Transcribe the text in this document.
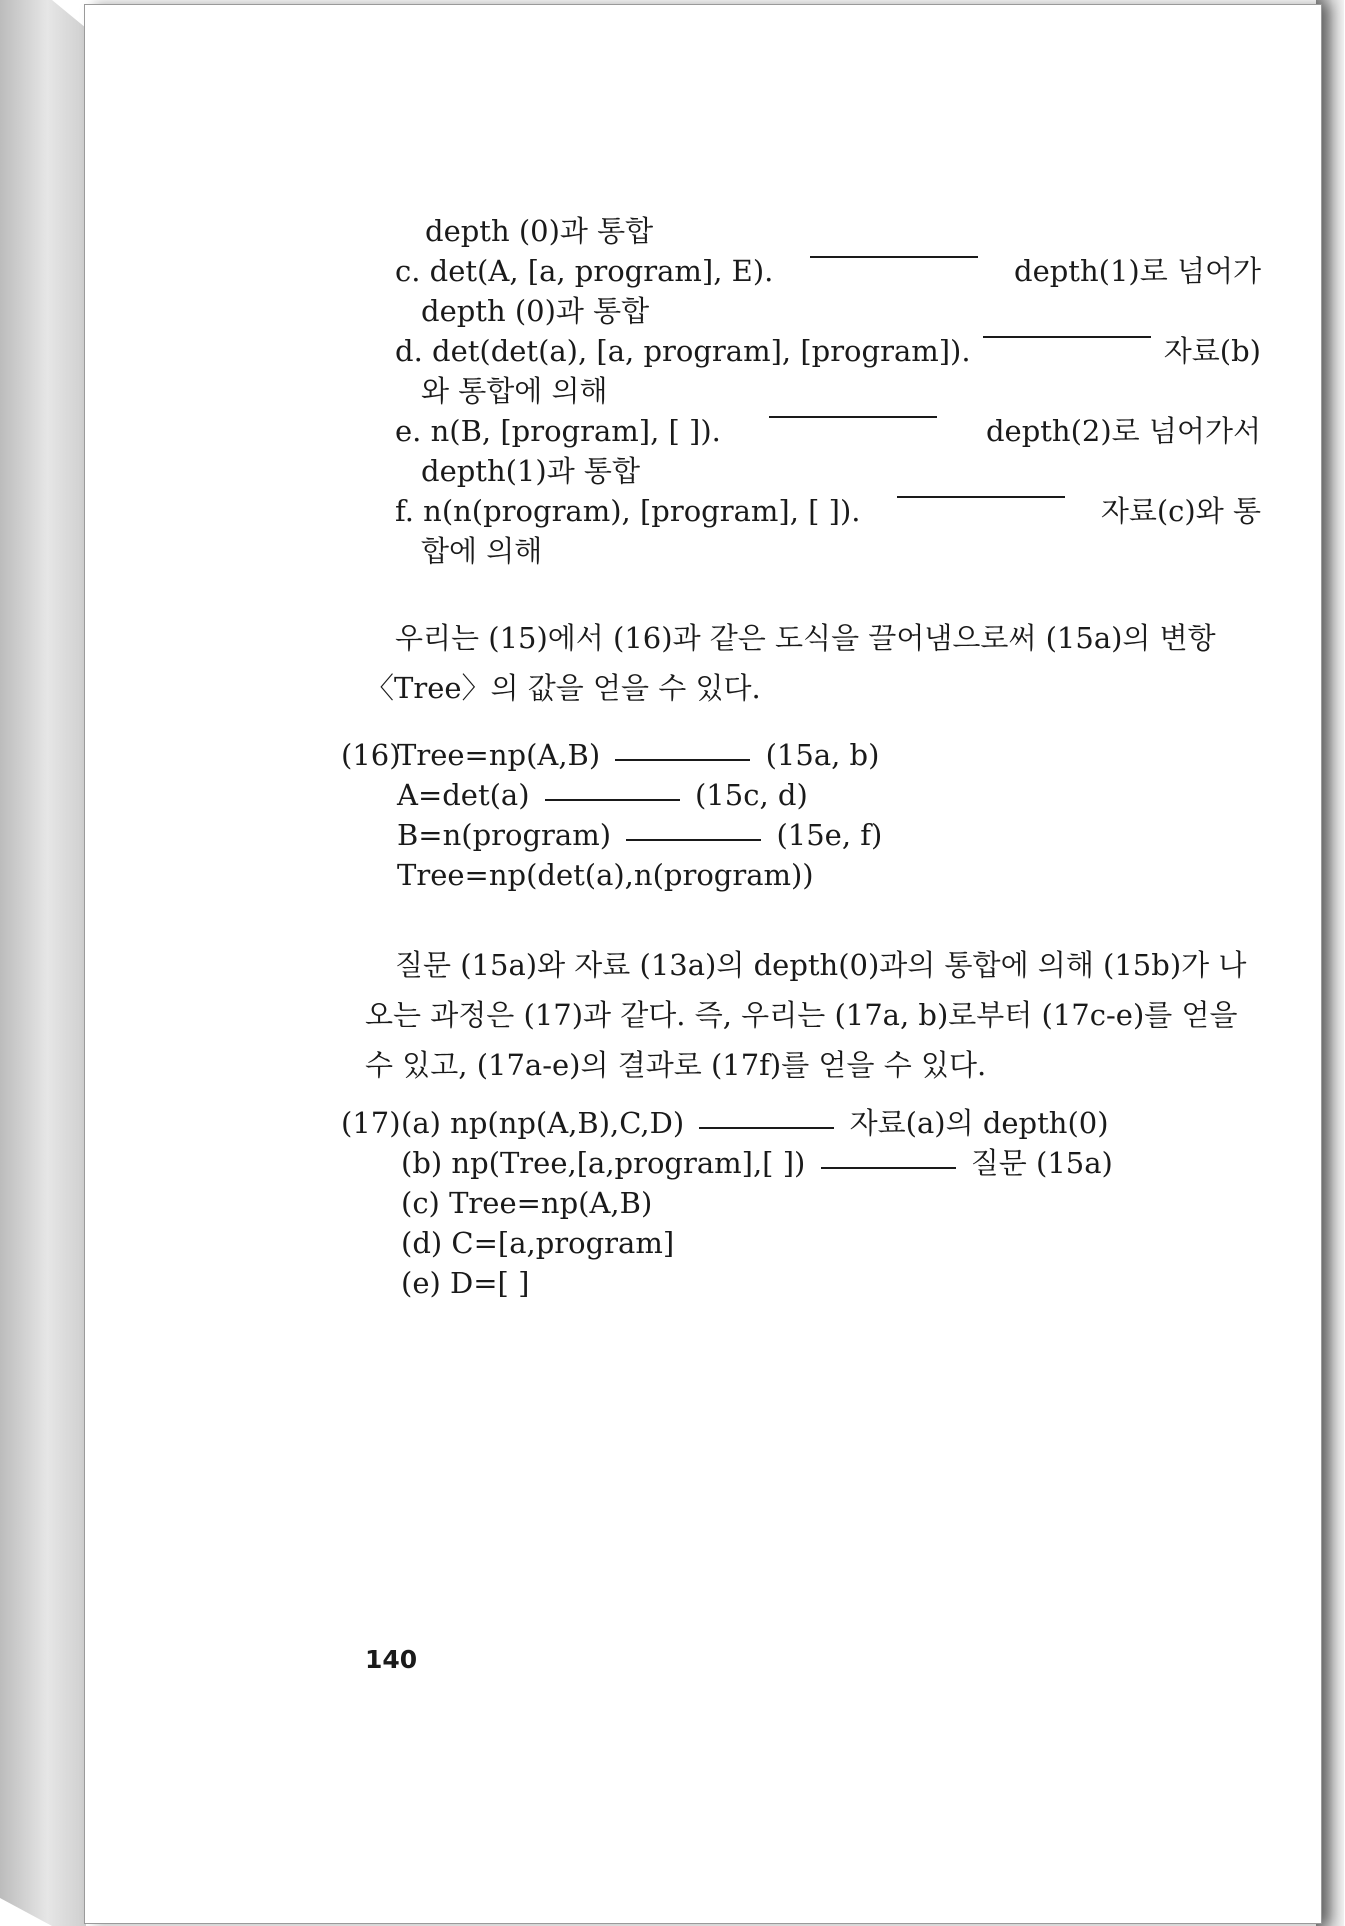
depth (0)과 통합
c. det(A, [a, program], E).	depth(1)로 넘어가
depth (0)과 통합
d. det(det(a), [a, program], [program]).	자료(b)
와 통합에 의해
e. n(B, [program], [ ]).	depth(2)로 넘어가서
depth(1)과 통합
f. n(n(program), [program], [ ]).	자료(c)와 통
합에 의해
우리는 (15)에서 (16)과 같은 도식을 끌어냄으로써 (15a)의 변항 〈Tree〉의 값을 얻을 수 있다.
(16)
Tree=np(A,B)	(15a, b)
A=det(a)	(15c, d)
B=n(program)	(15e, f)
Tree=np(det(a),n(program))
질문 (15a)와 자료 (13a)의 depth(0)과의 통합에 의해 (15b)가 나오는 과정은 (17)과 같다. 즉, 우리는 (17a, b)로부터 (17c-e)를 얻을 수 있고, (17a-e)의 결과로 (17f)를 얻을 수 있다.
(17) (a) np(np(A,B),C,D)	자료(a)의 depth(0)
(b) np(Tree,[a,program],[ ])	질문 (15a)
(c) Tree=np(A,B)
(d) C=[a,program]
(e) D=[ ]
140
